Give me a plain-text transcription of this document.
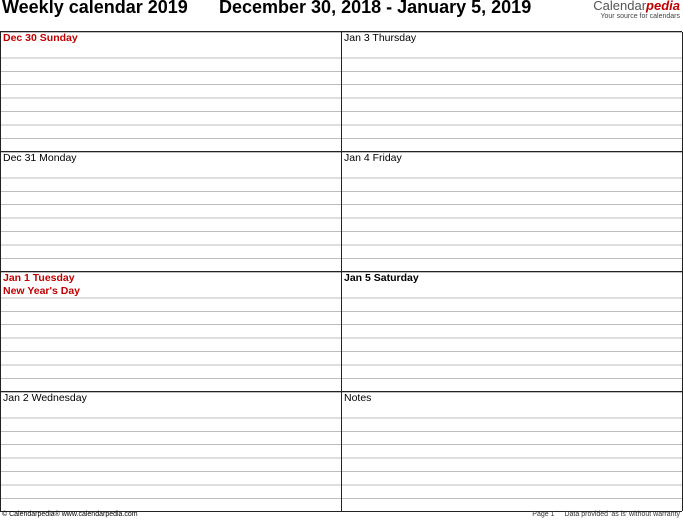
Weekly calendar 2019 December 30, 2018 - January 5, 2019	Calendarpedia
Your source for calendars
Dec 30 Sunday
Dec 31 Monday
Jan 1 Tuesday
New Year's Day
Jan 2 Wednesday
Jan 3 Thursday
Jan 4 Friday
Jan 5 Saturday
Notes
© Calendarpedia® www.calendarpedia.com	Page 1 Data provided 'as is' without warranty
